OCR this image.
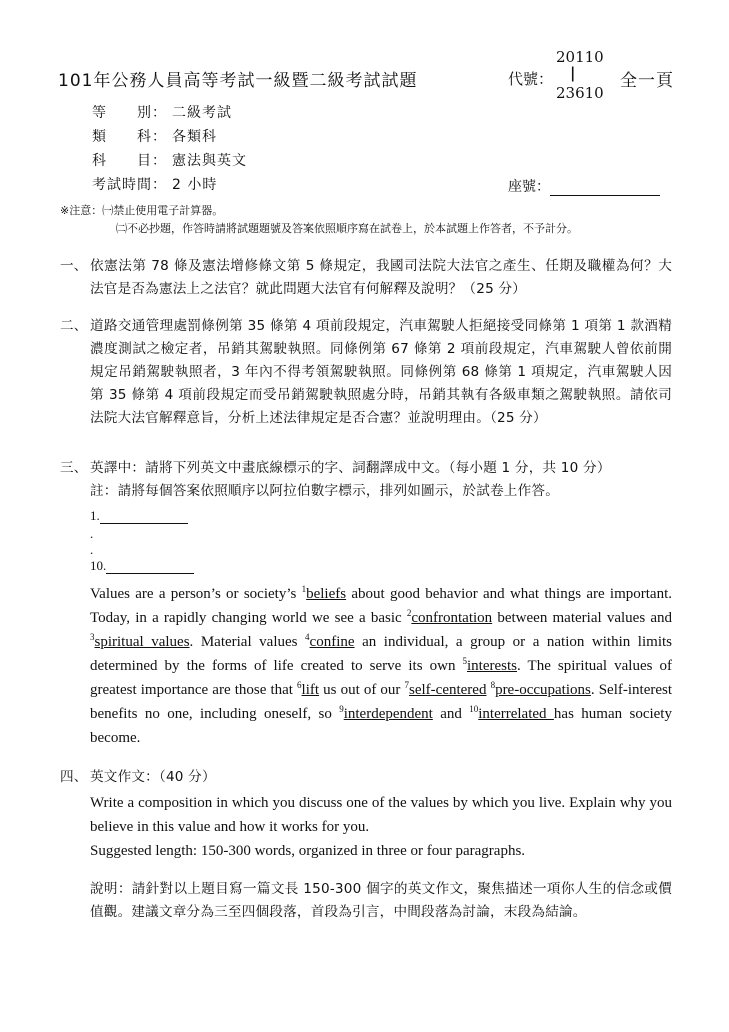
101年公務人員高等考試一級暨二級考試試題	代號：
20110
|
23610
全一頁
等　　別： 二級考試
類　　科： 各類科
科　　目： 憲法與英文
考試時間： 2 小時	座號：
※注意：㈠禁止使用電子計算器。
㈡不必抄題，作答時請將試題題號及答案依照順序寫在試卷上，於本試題上作答者，不予計分。
一、 依憲法第 78 條及憲法增修條文第 5 條規定，我國司法院大法官之產生、任期及職權為何？大法官是否為憲法上之法官？就此問題大法官有何解釋及說明？（25 分）
二、 道路交通管理處罰條例第 35 條第 4 項前段規定，汽車駕駛人拒絕接受同條第 1 項第 1 款酒精濃度測試之檢定者，吊銷其駕駛執照。同條例第 67 條第 2 項前段規定，汽車駕駛人曾依前開規定吊銷駕駛執照者，3 年內不得考領駕駛執照。同條例第 68 條第 1 項規定，汽車駕駛人因第 35 條第 4 項前段規定而受吊銷駕駛執照處分時，吊銷其執有各級車類之駕駛執照。請依司法院大法官解釋意旨，分析上述法律規定是否合憲？並說明理由。（25 分）
三、 英譯中：請將下列英文中畫底線標示的字、詞翻譯成中文。（每小題 1 分，共 10 分）
註：請將每個答案依照順序以阿拉伯數字標示，排列如圖示，於試卷上作答。
1.
.
.
10.
Values are a person’s or society’s $^1$beliefs about good behavior and what things are important. Today, in a rapidly changing world we see a basic $^2$confrontation between material values and $^3$spiritual values. Material values $^4$confine an individual, a group or a nation within limits determined by the forms of life created to serve its own $^5$interests. The spiritual values of greatest importance are those that $^6$lift us out of our $^7$self-centered $^8$pre-occupations. Self-interest benefits no one, including oneself, so $^9$interdependent and $^{10}$interrelated has human society become.
四、 英文作文：（40 分）
Write a composition in which you discuss one of the values by which you live. Explain why you believe in this value and how it works for you.
Suggested length: 150-300 words, organized in three or four paragraphs.
說明：請針對以上題目寫一篇文長 150-300 個字的英文作文，聚焦描述一項你人生的信念或價值觀。建議文章分為三至四個段落，首段為引言，中間段落為討論，末段為結論。
